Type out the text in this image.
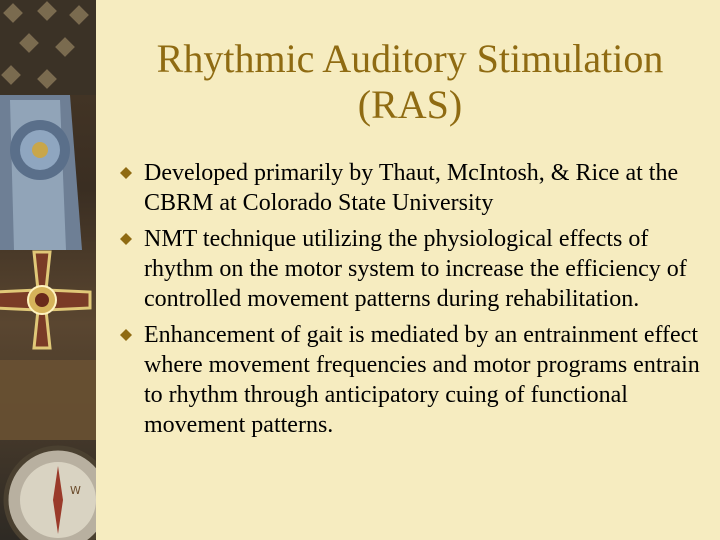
W
Rhythmic Auditory Stimulation
(RAS)
Developed primarily by Thaut, McIntosh, & Rice at the CBRM at Colorado State University
NMT technique utilizing the physiological effects of rhythm on the motor system to increase the efficiency of controlled movement patterns during rehabilitation.
Enhancement of gait is mediated by an entrainment effect where movement frequencies and motor programs entrain to rhythm through anticipatory cuing of functional movement patterns.
